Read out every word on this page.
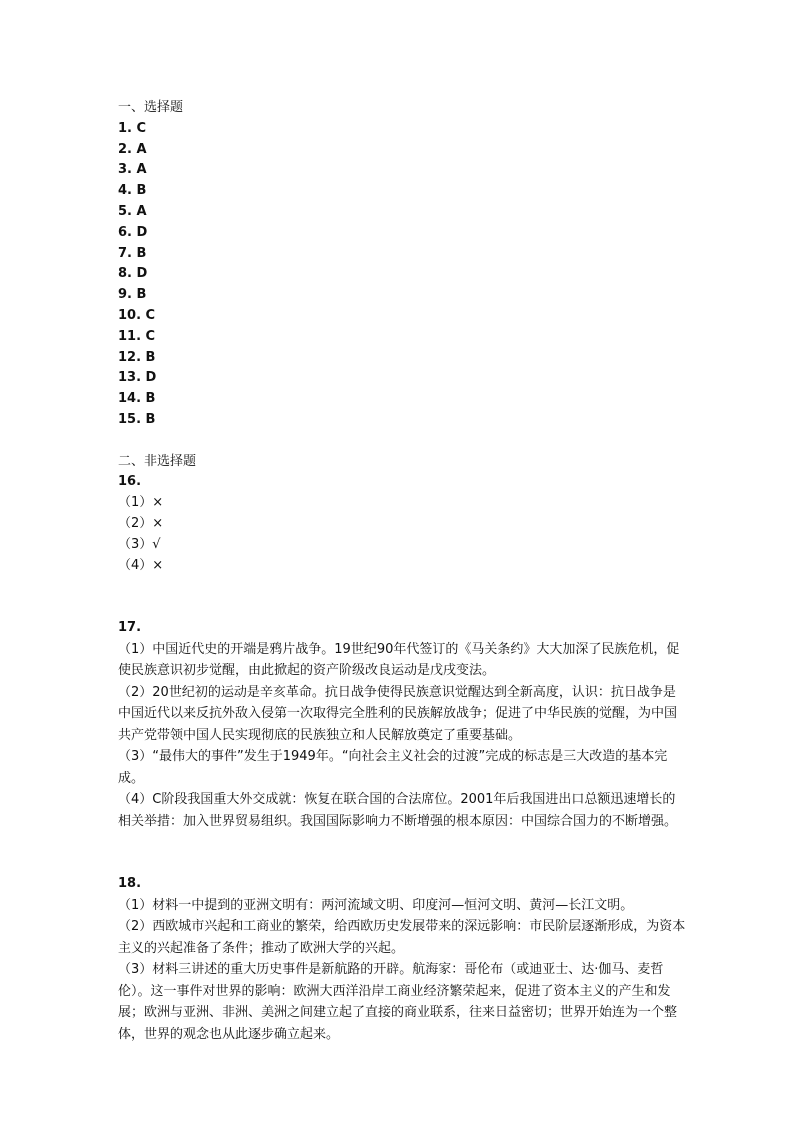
一、选择题
1. C
2. A
3. A
4. B
5. A
6. D
7. B
8. D
9. B
10. C
11. C
12. B
13. D
14. B
15. B
二、非选择题
16.
（1）×
（2）×
（3）√
（4）×
17.
（1）中国近代史的开端是鸦片战争。19世纪90年代签订的《马关条约》大大加深了民族危机，促使民族意识初步觉醒，由此掀起的资产阶级改良运动是戊戌变法。
（2）20世纪初的运动是辛亥革命。抗日战争使得民族意识觉醒达到全新高度，认识：抗日战争是中国近代以来反抗外敌入侵第一次取得完全胜利的民族解放战争；促进了中华民族的觉醒，为中国共产党带领中国人民实现彻底的民族独立和人民解放奠定了重要基础。
（3）“最伟大的事件”发生于1949年。“向社会主义社会的过渡”完成的标志是三大改造的基本完成。
（4）C阶段我国重大外交成就：恢复在联合国的合法席位。2001年后我国进出口总额迅速增长的相关举措：加入世界贸易组织。我国国际影响力不断增强的根本原因：中国综合国力的不断增强。
18.
（1）材料一中提到的亚洲文明有：两河流域文明、印度河—恒河文明、黄河—长江文明。
（2）西欧城市兴起和工商业的繁荣，给西欧历史发展带来的深远影响：市民阶层逐渐形成，为资本主义的兴起准备了条件；推动了欧洲大学的兴起。
（3）材料三讲述的重大历史事件是新航路的开辟。航海家：哥伦布（或迪亚士、达·伽马、麦哲伦）。这一事件对世界的影响：欧洲大西洋沿岸工商业经济繁荣起来，促进了资本主义的产生和发展；欧洲与亚洲、非洲、美洲之间建立起了直接的商业联系，往来日益密切；世界开始连为一个整体，世界的观念也从此逐步确立起来。
